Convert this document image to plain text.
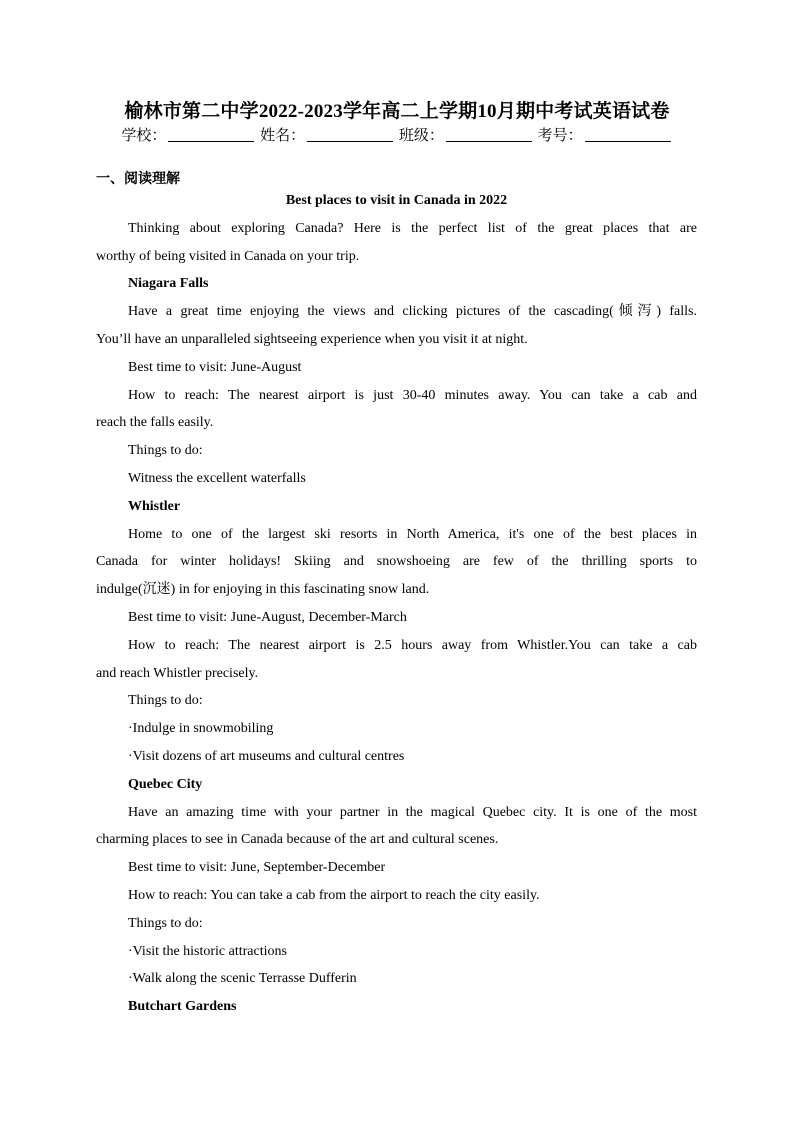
榆林市第二中学2022-2023学年高二上学期10月期中考试英语试卷
学校：	姓名：	班级：	考号：
一、阅读理解
Best places to visit in Canada in 2022
Thinking about exploring Canada? Here is the perfect list of the great places that are
worthy of being visited in Canada on your trip.
Niagara Falls
Have a great time enjoying the views and clicking pictures of the cascading(倾泻) falls.
You’ll have an unparalleled sightseeing experience when you visit it at night.
Best time to visit: June-August
How to reach: The nearest airport is just 30-40 minutes away. You can take a cab and
reach the falls easily.
Things to do:
Witness the excellent waterfalls
Whistler
Home to one of the largest ski resorts in North America, it's one of the best places in
Canada for winter holidays! Skiing and snowshoeing are few of the thrilling sports to
indulge(沉迷) in for enjoying in this fascinating snow land.
Best time to visit: June-August, December-March
How to reach: The nearest airport is 2.5 hours away from Whistler.You can take a cab
and reach Whistler precisely.
Things to do:
·Indulge in snowmobiling
·Visit dozens of art museums and cultural centres
Quebec City
Have an amazing time with your partner in the magical Quebec city. It is one of the most
charming places to see in Canada because of the art and cultural scenes.
Best time to visit: June, September-December
How to reach: You can take a cab from the airport to reach the city easily.
Things to do:
·Visit the historic attractions
·Walk along the scenic Terrasse Dufferin
Butchart Gardens
